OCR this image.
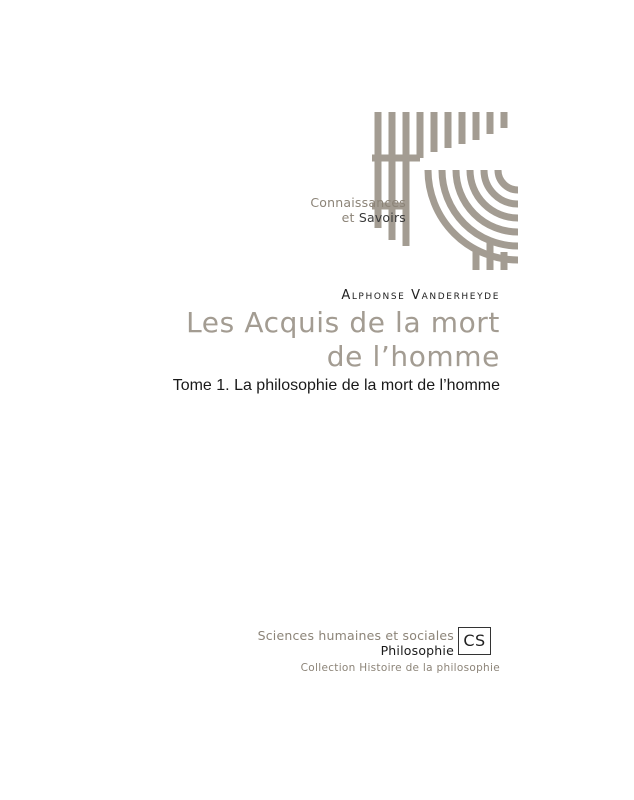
Connaissances
et Savoirs
Alphonse Vanderheyde
Les Acquis de la mort
de l’homme
Tome 1. La philosophie de la mort de l’homme
Sciences humaines et sociales
Philosophie
CS
Collection Histoire de la philosophie
